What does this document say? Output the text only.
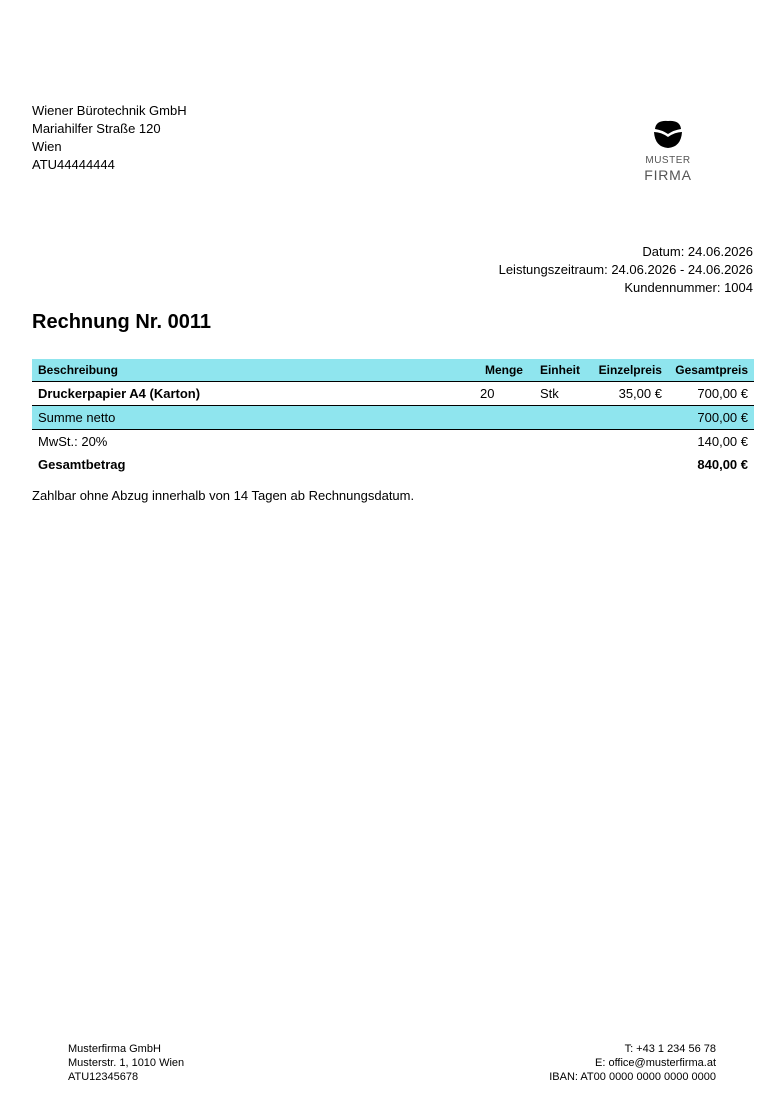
Wiener Bürotechnik GmbH
Mariahilfer Straße 120
Wien
ATU44444444	MUSTER
FIRMA
Datum: 24.06.2026
Leistungszeitraum: 24.06.2026 - 24.06.2026
Kundennummer: 1004
Rechnung Nr. 0011
Beschreibung	Menge	Einheit	Einzelpreis	Gesamtpreis
Druckerpapier A4 (Karton)	20	Stk	35,00 €	700,00 €
Summe netto				700,00 €
MwSt.: 20%				140,00 €
Gesamtbetrag				840,00 €
Zahlbar ohne Abzug innerhalb von 14 Tagen ab Rechnungsdatum.
Musterfirma GmbH
Musterstr. 1, 1010 Wien
ATU12345678
T: +43 1 234 56 78
E: office@musterfirma.at
IBAN: AT00 0000 0000 0000 0000
